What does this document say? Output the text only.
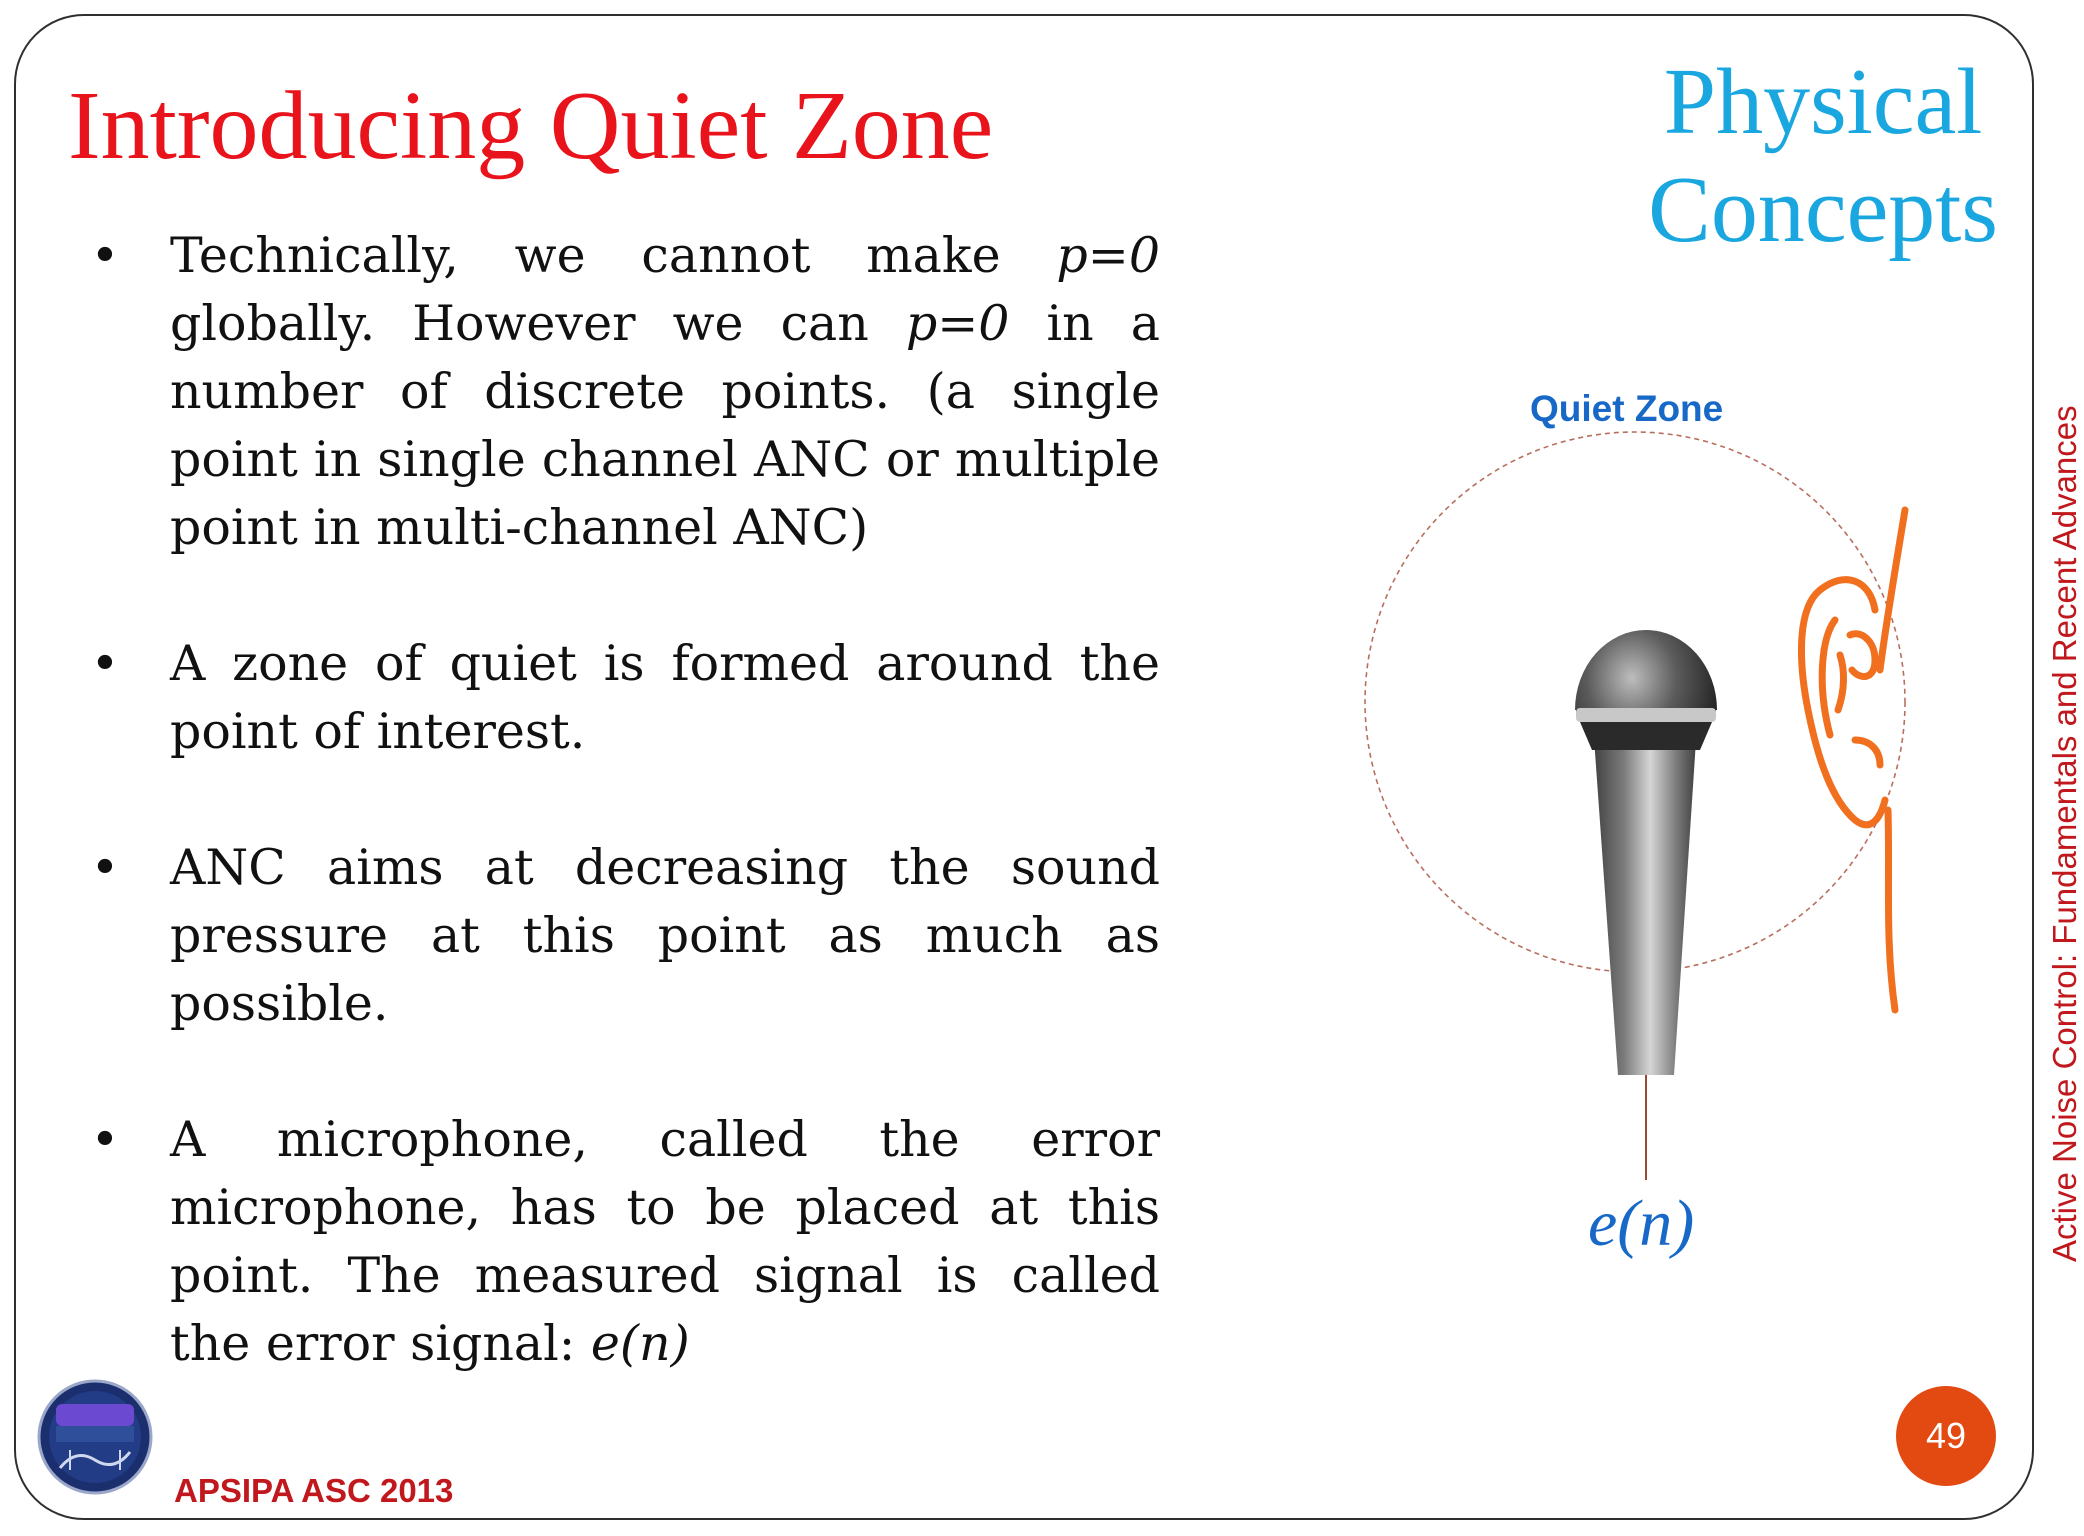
Introducing Quiet Zone	Physical
Concepts
• Technically, we cannot make p=0 globally. However we can p=0 in a number of discrete points. (a single point in single channel ANC or multiple point in multi-channel ANC)
• A zone of quiet is formed around the point of interest.
• ANC aims at decreasing the sound pressure at this point as much as possible.
• A microphone, called the error microphone, has to be placed at this point. The measured signal is called the error signal: e(n)
Quiet Zone
e(n)	Active Noise Control: Fundamentals and Recent Advances
APSIPA ASC 2013
49
